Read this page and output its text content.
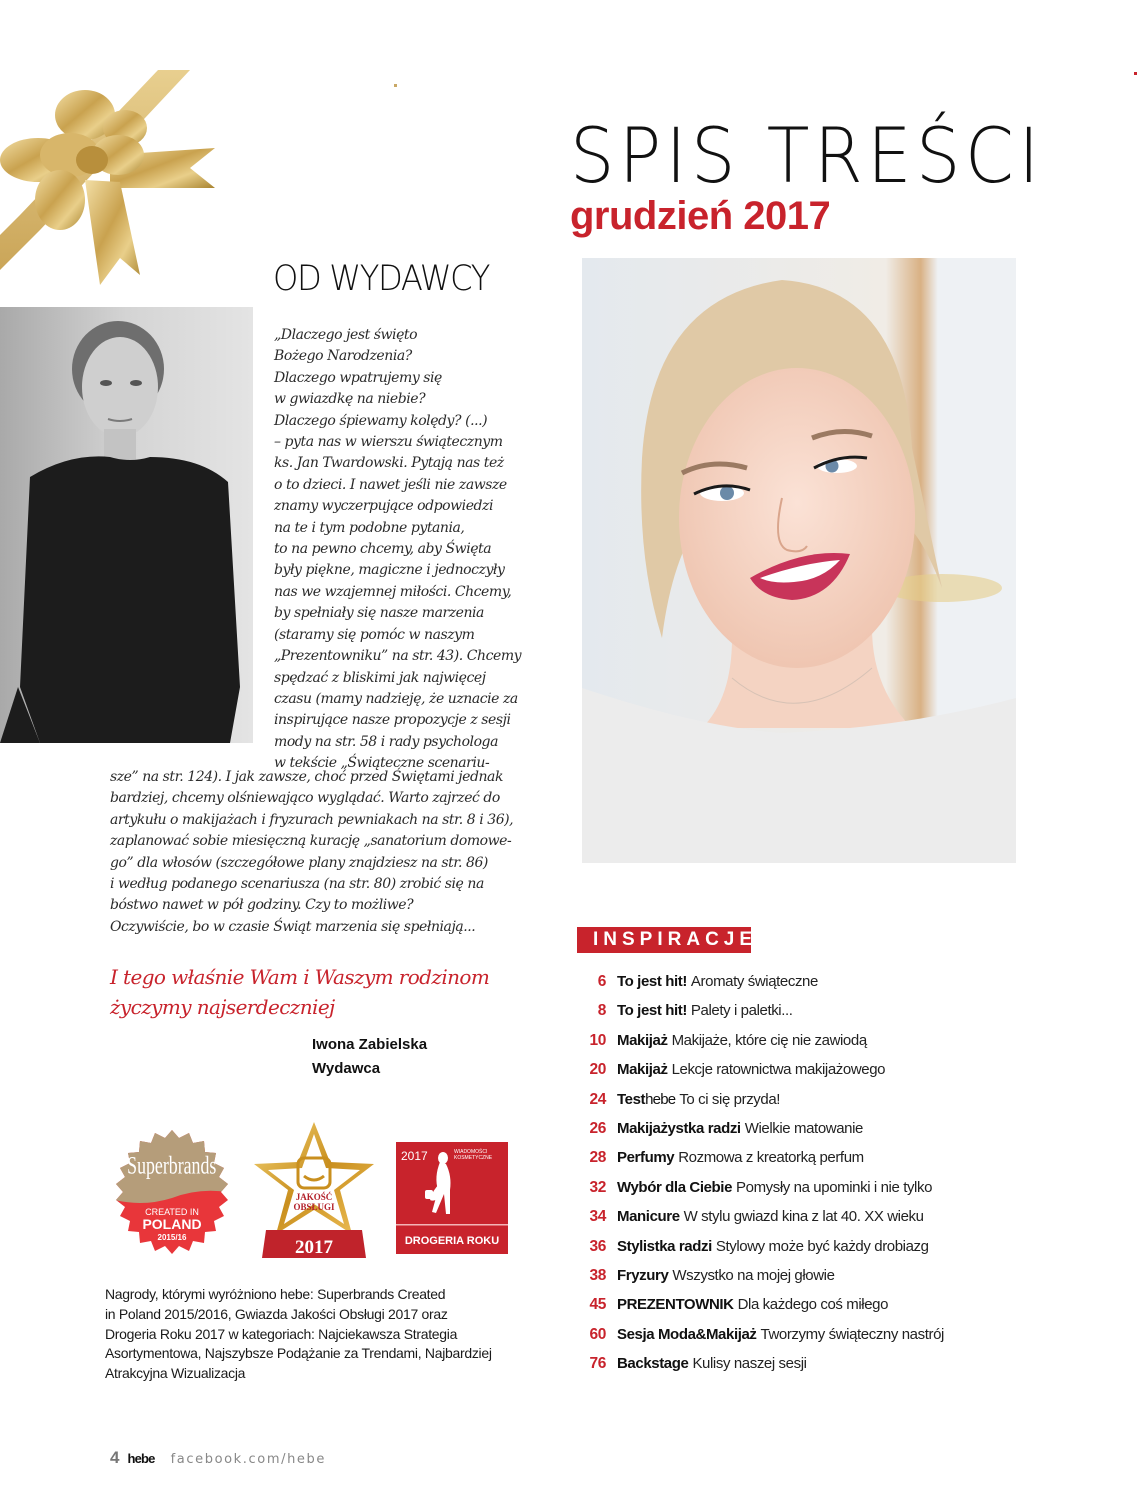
SPIS TREŚCI
grudzień 2017
OD WYDAWCY
„Dlaczego jest święto
Bożego Narodzenia?
Dlaczego wpatrujemy się
w gwiazdkę na niebie?
Dlaczego śpiewamy kolędy? (...)
– pyta nas w wierszu świątecznym
ks. Jan Twardowski. Pytają nas też
o to dzieci. I nawet jeśli nie zawsze
znamy wyczerpujące odpowiedzi
na te i tym podobne pytania,
to na pewno chcemy, aby Święta
były piękne, magiczne i jednoczyły
nas we wzajemnej miłości. Chcemy,
by spełniały się nasze marzenia
(staramy się pomóc w naszym
„Prezentowniku” na str. 43). Chcemy
spędzać z bliskimi jak najwięcej
czasu (mamy nadzieję, że uznacie za
inspirujące nasze propozycje z sesji
mody na str. 58 i rady psychologa
w tekście „Świąteczne scenariu-
sze” na str. 124). I jak zawsze, choć przed Świętami jednak
bardziej, chcemy olśniewająco wyglądać. Warto zajrzeć do
artykułu o makijażach i fryzurach pewniakach na str. 8 i 36),
zaplanować sobie miesięczną kurację „sanatorium domowe-
go” dla włosów (szczegółowe plany znajdziesz na str. 86)
i według podanego scenariusza (na str. 80) zrobić się na
bóstwo nawet w pół godziny. Czy to możliwe?
Oczywiście, bo w czasie Świąt marzenia się spełniają...
I tego właśnie Wam i Waszym rodzinom
życzymy najserdeczniej
Iwona Zabielska
Wydawca
Superbrands
CREATED IN
POLAND
2015/16
JAKOŚĆ
OBSŁUGI
2017
2017	WIADOMOŚCI
KOSMETYCZNE
DROGERIA ROKU
Nagrody, którymi wyróżniono hebe: Superbrands Created
in Poland 2015/2016, Gwiazda Jakości Obsługi 2017 oraz
Drogeria Roku 2017 w kategoriach: Najciekawsza Strategia
Asortymentowa, Najszybsze Podążanie za Trendami, Najbardziej
Atrakcyjna Wizualizacja
INSPIRACJE
6 To jest hit! Aromaty świąteczne
8 To jest hit! Palety i paletki...
10 Makijaż Makijaże, które cię nie zawiodą
20 Makijaż Lekcje ratownictwa makijażowego
24 Test hebe To ci się przyda!
26 Makijażystka radzi Wielkie matowanie
28 Perfumy Rozmowa z kreatorką perfum
32 Wybór dla Ciebie Pomysły na upominki i nie tylko
34 Manicure W stylu gwiazd kina z lat 40. XX wieku
36 Stylistka radzi Stylowy może być każdy drobiazg
38 Fryzury Wszystko na mojej głowie
45 PREZENTOWNIK Dla każdego coś miłego
60 Sesja Moda&Makijaż Tworzymy świąteczny nastrój
76 Backstage Kulisy naszej sesji
4 hebe facebook.com/hebe
